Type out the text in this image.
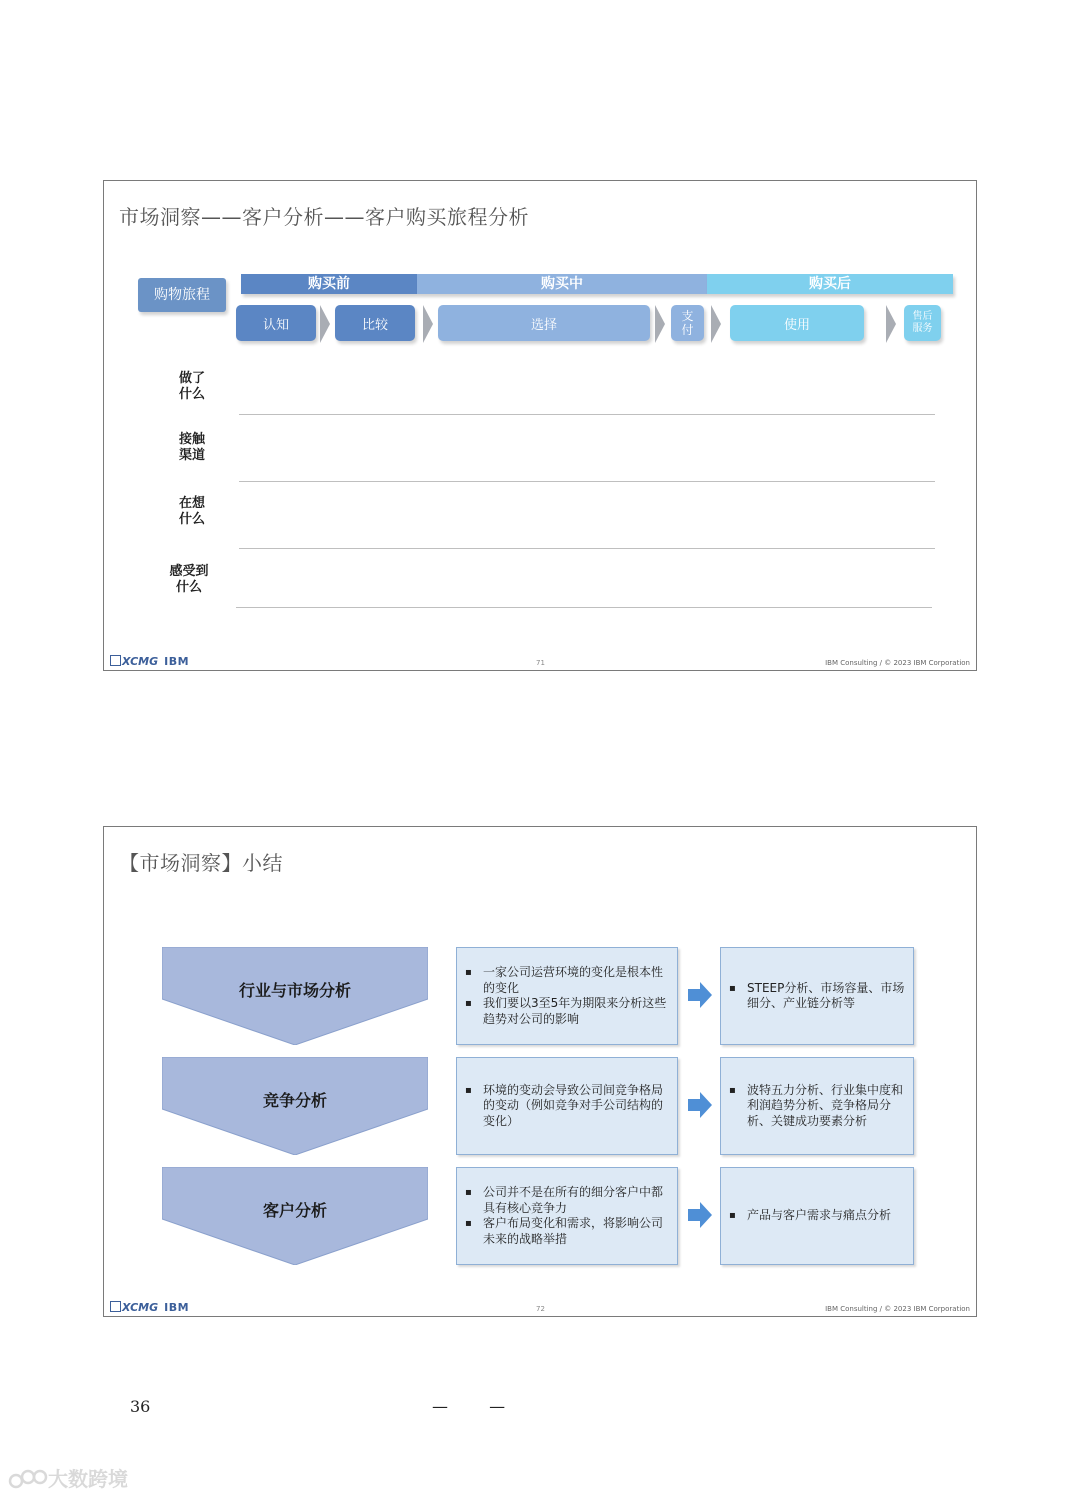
市场洞察——客户分析——客户购买旅程分析
购物旅程
购买前	购买中	购买后
认知	比较	选择
支
付	使用
售后
服务
做了
什么
接触
渠道
在想
什么
感受到
什么
XCMG IBM	71	IBM Consulting / © 2023 IBM Corporation
【市场洞察】小结
行业与市场分析
▪ 一家公司运营环境的变化是根本性的变化
▪ 我们要以3至5年为期限来分析这些趋势对公司的影响
▪ STEEP分析、市场容量、市场细分、产业链分析等
竞争分析
▪ 环境的变动会导致公司间竞争格局的变动（例如竞争对手公司结构的变化）
▪ 波特五力分析、行业集中度和利润趋势分析、竞争格局分析、关键成功要素分析
客户分析
▪ 公司并不是在所有的细分客户中都具有核心竞争力
▪ 客户布局变化和需求，将影响公司未来的战略举措
▪ 产品与客户需求与痛点分析
XCMG IBM	72	IBM Consulting / © 2023 IBM Corporation
36	— —
大数跨境
